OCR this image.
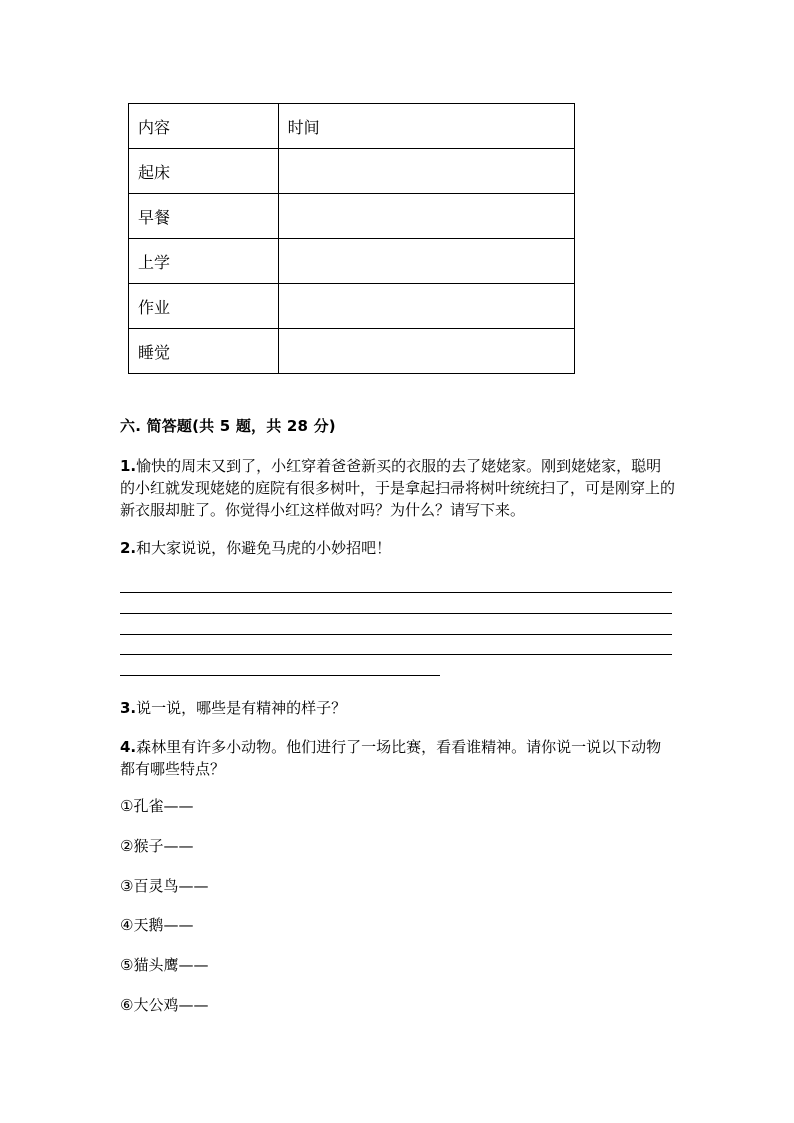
内容	时间
起床	
早餐	
上学	
作业	
睡觉	
六. 简答题(共 5 题，共 28 分)
1.愉快的周末又到了，小红穿着爸爸新买的衣服的去了姥姥家。刚到姥姥家，聪明的小红就发现姥姥的庭院有很多树叶，于是拿起扫帚将树叶统统扫了，可是刚穿上的新衣服却脏了。你觉得小红这样做对吗？为什么？请写下来。
2.和大家说说，你避免马虎的小妙招吧！
3.说一说，哪些是有精神的样子？
4.森林里有许多小动物。他们进行了一场比赛，看看谁精神。请你说一说以下动物都有哪些特点？
①孔雀——
②猴子——
③百灵鸟——
④天鹅——
⑤猫头鹰——
⑥大公鸡——
